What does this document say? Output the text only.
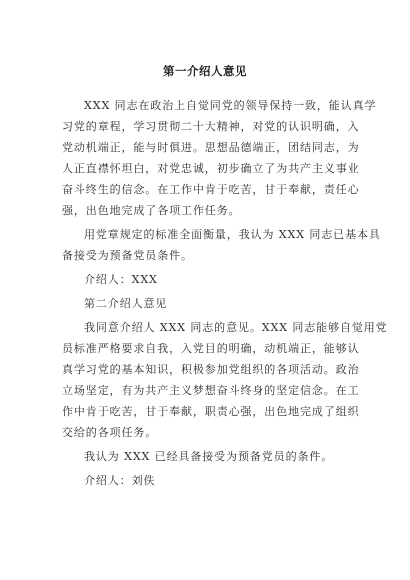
第一介绍人意见
XXX 同志在政治上自觉同党的领导保持一致，能认真学
习党的章程，学习贯彻二十大精神，对党的认识明确，入
党动机端正，能与时俱进。思想品德端正，团结同志，为
人正直襟怀坦白，对党忠诚，初步确立了为共产主义事业
奋斗终生的信念。在工作中肯于吃苦，甘于奉献，责任心
强，出色地完成了各项工作任务。
用党章规定的标准全面衡量，我认为 XXX 同志已基本具
备接受为预备党员条件。
介绍人：XXX
第二介绍人意见
我同意介绍人 XXX 同志的意见。XXX 同志能够自觉用党
员标准严格要求自我，入党目的明确，动机端正，能够认
真学习党的基本知识，积极参加党组织的各项活动。政治
立场坚定，有为共产主义梦想奋斗终身的坚定信念。在工
作中肯于吃苦，甘于奉献，职责心强，出色地完成了组织
交给的各项任务。
我认为 XXX 已经具备接受为预备党员的条件。
介绍人：刘佚
